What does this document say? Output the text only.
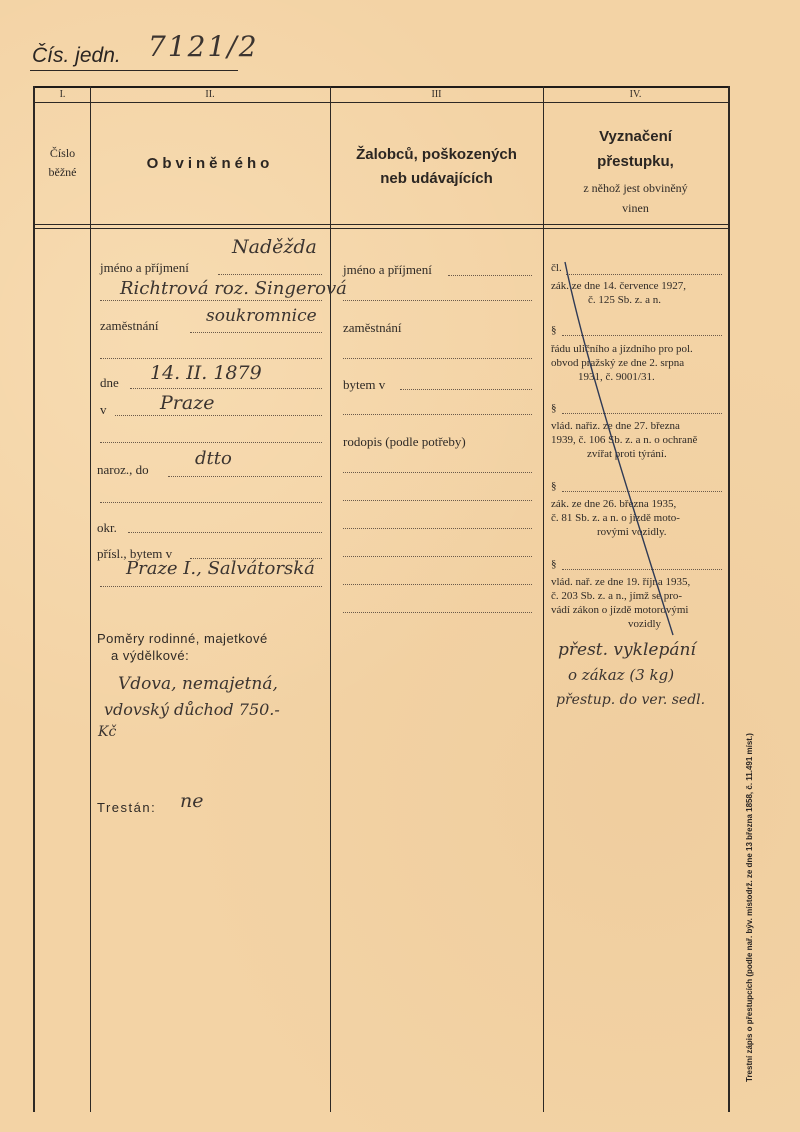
Čís. jedn. 7121/2
I.	II.	III	IV.
Číslo
běžné	Obviněného
Žalobců, poškozených
neb udávajících
Vyznačení
přestupku,
z něhož jest obviněný
vinen
Naděžda
jméno a příjmení
Richtrová roz. Singerová
zaměstnání	soukromnice
dne 14. II. 1879
v	Praze
naroz., do
dtto
okr.
přísl., bytem v
Praze I., Salvátorská
Poměry rodinné, majetkové
a výdělkové:
Vdova, nemajetná,
vdovský důchod 750.-
Kč
Trestán: ne
jméno a příjmení
zaměstnání
bytem v
rodopis (podle potřeby)
čl.
zák. ze dne 14. července 1927,
č. 125 Sb. z. a n.
§
řádu uličního a jízdního pro pol.
obvod pražský ze dne 2. srpna
1931, č. 9001/31.
§
vlád. nařiz. ze dne 27. března
1939, č. 106 Sb. z. a n. o ochraně
zvířat proti týrání.
§
zák. ze dne 26. března 1935,
č. 81 Sb. z. a n. o jízdě moto-
rovými vozidly.
§
vlád. nař. ze dne 19. října 1935,
č. 203 Sb. z. a n., jímž se pro-
vádí zákon o jízdě motorovými
vozidly
přest. vyklepání
o zákaz (3 kg)
přestup. do ver. sedl.
Trestní zápis o přestupcích (podle nař. býv. místodrž. ze dne 13 března 1858, č. 11.491 míst.)
